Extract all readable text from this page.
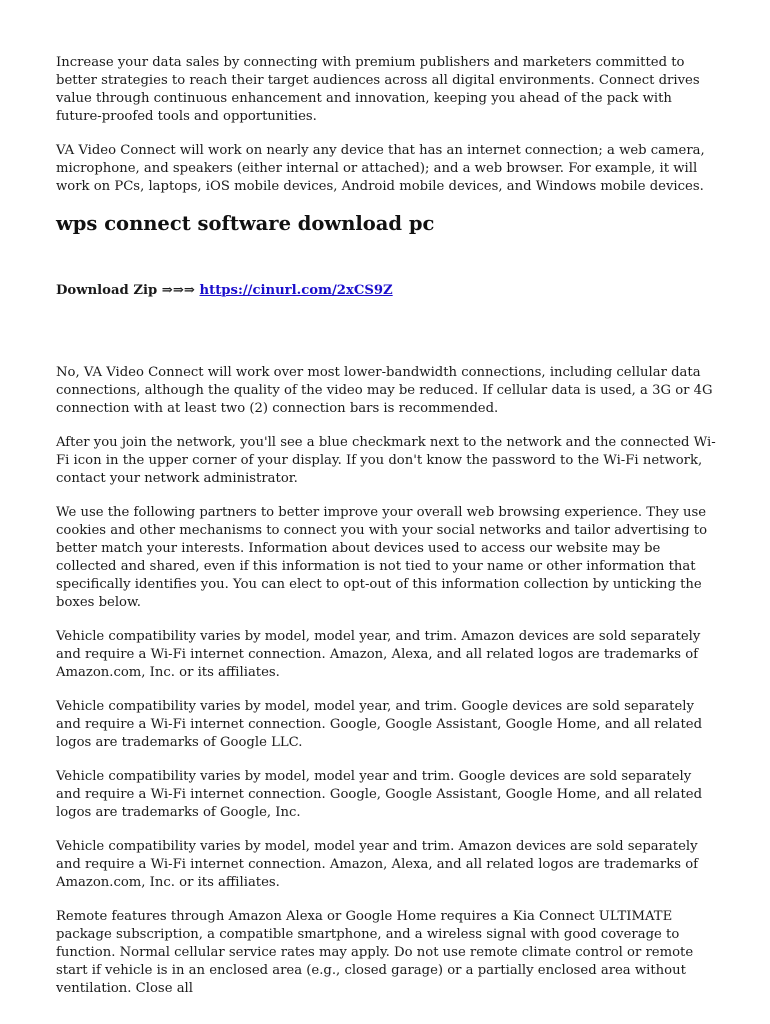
Increase your data sales by connecting with premium publishers and marketers committed to better strategies to reach their target audiences across all digital environments. Connect drives value through continuous enhancement and innovation, keeping you ahead of the pack with future-proofed tools and opportunities.

VA Video Connect will work on nearly any device that has an internet connection; a web camera, microphone, and speakers (either internal or attached); and a web browser. For example, it will work on PCs, laptops, iOS mobile devices, Android mobile devices, and Windows mobile devices.

wps connect software download pc
Download Zip ⇒⇒⇒ https://cinurl.com/2xCS9Z

No, VA Video Connect will work over most lower-bandwidth connections, including cellular data connections, although the quality of the video may be reduced. If cellular data is used, a 3G or 4G connection with at least two (2) connection bars is recommended.

After you join the network, you'll see a blue checkmark next to the network and the connected Wi-Fi icon in the upper corner of your display. If you don't know the password to the Wi-Fi network, contact your network administrator.

We use the following partners to better improve your overall web browsing experience. They use cookies and other mechanisms to connect you with your social networks and tailor advertising to better match your interests. Information about devices used to access our website may be collected and shared, even if this information is not tied to your name or other information that specifically identifies you. You can elect to opt-out of this information collection by unticking the boxes below.

Vehicle compatibility varies by model, model year, and trim. Amazon devices are sold separately and require a Wi-Fi internet connection. Amazon, Alexa, and all related logos are trademarks of Amazon.com, Inc. or its affiliates.

Vehicle compatibility varies by model, model year, and trim. Google devices are sold separately and require a Wi-Fi internet connection. Google, Google Assistant, Google Home, and all related logos are trademarks of Google LLC.

Vehicle compatibility varies by model, model year and trim. Google devices are sold separately and require a Wi-Fi internet connection. Google, Google Assistant, Google Home, and all related logos are trademarks of Google, Inc.

Vehicle compatibility varies by model, model year and trim. Amazon devices are sold separately and require a Wi-Fi internet connection. Amazon, Alexa, and all related logos are trademarks of Amazon.com, Inc. or its affiliates.

Remote features through Amazon Alexa or Google Home requires a Kia Connect ULTIMATE package subscription, a compatible smartphone, and a wireless signal with good coverage to function. Normal cellular service rates may apply. Do not use remote climate control or remote start if vehicle is in an enclosed area (e.g., closed garage) or a partially enclosed area without ventilation. Close all
